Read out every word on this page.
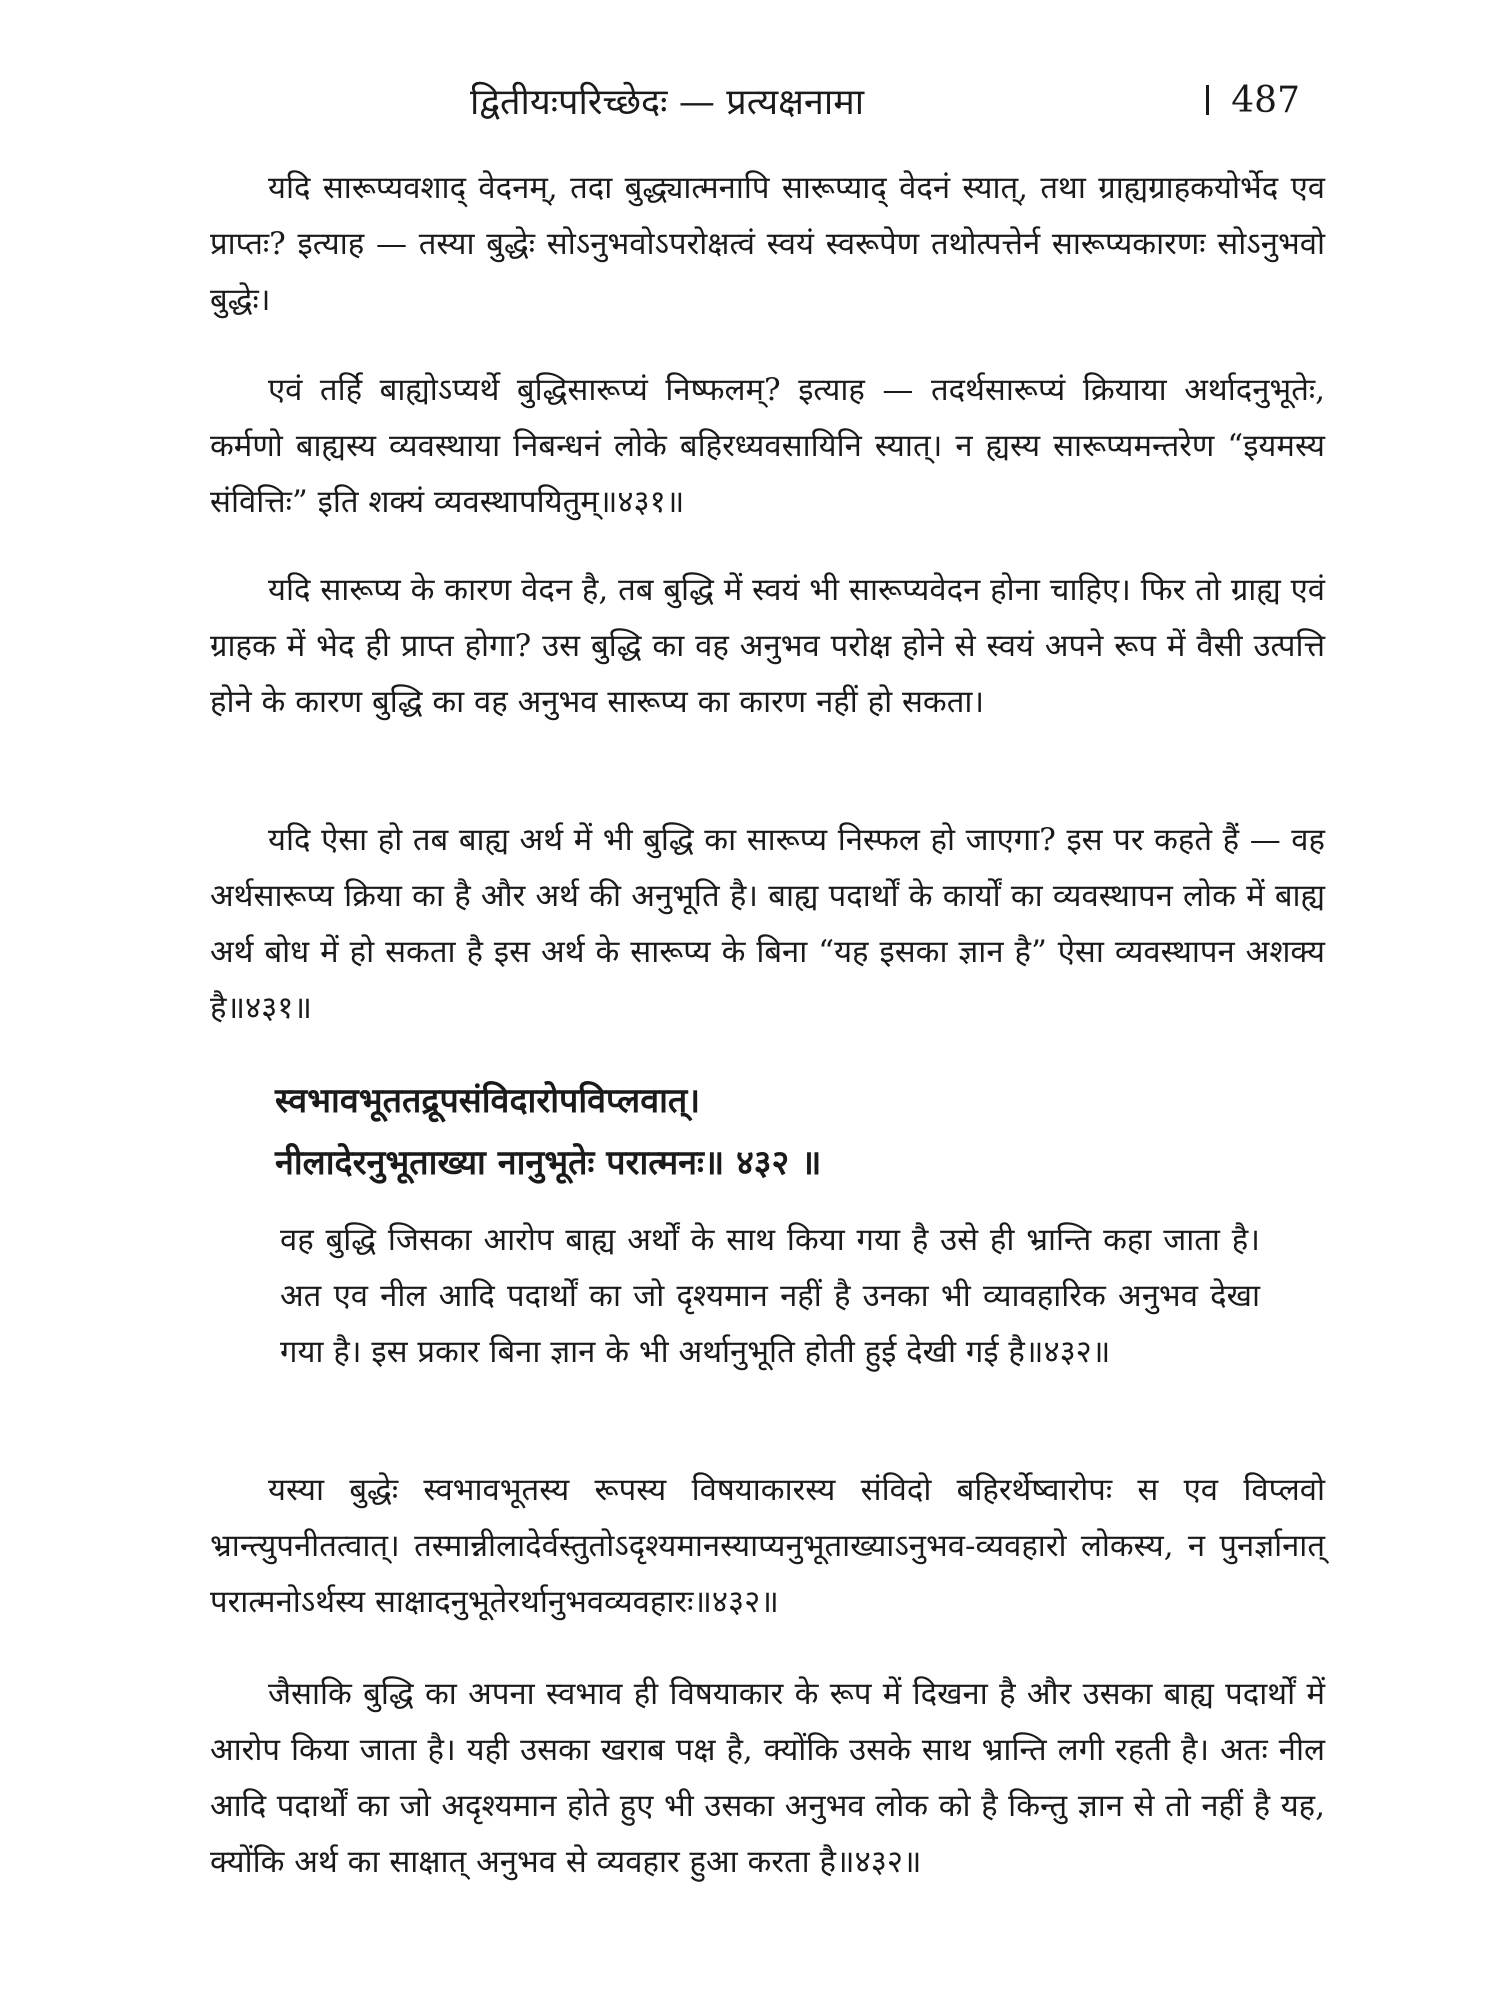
द्वितीयःपरिच्छेदः — प्रत्यक्षनामा	487

यदि सारूप्यवशाद् वेदनम्, तदा बुद्ध्यात्मनापि सारूप्याद् वेदनं स्यात्, तथा ग्राह्यग्राहकयोर्भेद एव प्राप्तः? इत्याह — तस्या बुद्धेः सोऽनुभवोऽपरोक्षत्वं स्वयं स्वरूपेण तथोत्पत्तेर्न सारूप्यकारणः सोऽनुभवो बुद्धेः।

एवं तर्हि बाह्योऽप्यर्थे बुद्धिसारूप्यं निष्फलम्? इत्याह — तदर्थसारूप्यं क्रियाया अर्थादनुभूतेः, कर्मणो बाह्यस्य व्यवस्थाया निबन्धनं लोके बहिरध्यवसायिनि स्यात्। न ह्यस्य सारूप्यमन्तरेण “इयमस्य संवित्तिः” इति शक्यं व्यवस्थापयितुम्॥४३१॥

यदि सारूप्य के कारण वेदन है, तब बुद्धि में स्वयं भी सारूप्यवेदन होना चाहिए। फिर तो ग्राह्य एवं ग्राहक में भेद ही प्राप्त होगा? उस बुद्धि का वह अनुभव परोक्ष होने से स्वयं अपने रूप में वैसी उत्पत्ति होने के कारण बुद्धि का वह अनुभव सारूप्य का कारण नहीं हो सकता।

यदि ऐसा हो तब बाह्य अर्थ में भी बुद्धि का सारूप्य निस्फल हो जाएगा? इस पर कहते हैं — वह अर्थसारूप्य क्रिया का है और अर्थ की अनुभूति है। बाह्य पदार्थों के कार्यों का व्यवस्थापन लोक में बाह्य अर्थ बोध में हो सकता है इस अर्थ के सारूप्य के बिना “यह इसका ज्ञान है” ऐसा व्यवस्थापन अशक्य है॥४३१॥

स्वभावभूततद्रूपसंविदारोपविप्लवात्।
नीलादेरनुभूताख्या नानुभूतेः परात्मनः॥ ४३२ ॥

वह बुद्धि जिसका आरोप बाह्य अर्थों के साथ किया गया है उसे ही भ्रान्ति कहा जाता है। अत एव नील आदि पदार्थों का जो दृश्यमान नहीं है उनका भी व्यावहारिक अनुभव देखा गया है। इस प्रकार बिना ज्ञान के भी अर्थानुभूति होती हुई देखी गई है॥४३२॥

यस्या बुद्धेः स्वभावभूतस्य रूपस्य विषयाकारस्य संविदो बहिरर्थेष्वारोपः स एव विप्लवो भ्रान्त्युपनीतत्वात्। तस्मान्नीलादेर्वस्तुतोऽदृश्यमानस्याप्यनुभूताख्याऽनुभव-व्यवहारो लोकस्य, न पुनर्ज्ञानात् परात्मनोऽर्थस्य साक्षादनुभूतेरर्थानुभवव्यवहारः॥४३२॥

जैसाकि बुद्धि का अपना स्वभाव ही विषयाकार के रूप में दिखना है और उसका बाह्य पदार्थों में आरोप किया जाता है। यही उसका खराब पक्ष है, क्योंकि उसके साथ भ्रान्ति लगी रहती है। अतः नील आदि पदार्थों का जो अदृश्यमान होते हुए भी उसका अनुभव लोक को है किन्तु ज्ञान से तो नहीं है यह, क्योंकि अर्थ का साक्षात् अनुभव से व्यवहार हुआ करता है॥४३२॥
